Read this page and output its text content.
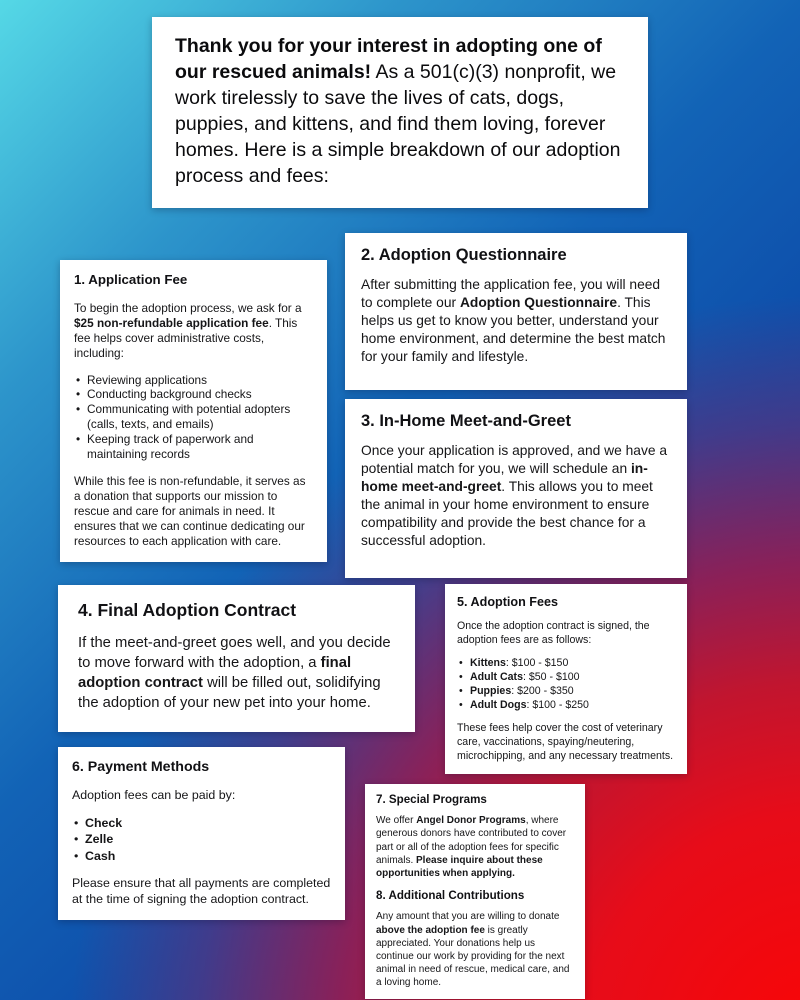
Thank you for your interest in adopting one of our rescued animals! As a 501(c)(3) nonprofit, we work tirelessly to save the lives of cats, dogs, puppies, and kittens, and find them loving, forever homes. Here is a simple breakdown of our adoption process and fees:

1. Application Fee

To begin the adoption process, we ask for a $25 non-refundable application fee. This fee helps cover administrative costs, including:

• Reviewing applications
• Conducting background checks
• Communicating with potential adopters (calls, texts, and emails)
• Keeping track of paperwork and maintaining records

While this fee is non-refundable, it serves as a donation that supports our mission to rescue and care for animals in need. It ensures that we can continue dedicating our resources to each application with care.

2. Adoption Questionnaire

After submitting the application fee, you will need to complete our Adoption Questionnaire. This helps us get to know you better, understand your home environment, and determine the best match for your family and lifestyle.

3. In-Home Meet-and-Greet

Once your application is approved, and we have a potential match for you, we will schedule an in-home meet-and-greet. This allows you to meet the animal in your home environment to ensure compatibility and provide the best chance for a successful adoption.

4. Final Adoption Contract

If the meet-and-greet goes well, and you decide to move forward with the adoption, a final adoption contract will be filled out, solidifying the adoption of your new pet into your home.

5. Adoption Fees

Once the adoption contract is signed, the adoption fees are as follows:

• Kittens: $100 - $150
• Adult Cats: $50 - $100
• Puppies: $200 - $350
• Adult Dogs: $100 - $250

These fees help cover the cost of veterinary care, vaccinations, spaying/neutering, microchipping, and any necessary treatments.

6. Payment Methods

Adoption fees can be paid by:

• Check
• Zelle
• Cash

Please ensure that all payments are completed at the time of signing the adoption contract.

7. Special Programs

We offer Angel Donor Programs, where generous donors have contributed to cover part or all of the adoption fees for specific animals. Please inquire about these opportunities when applying.

8. Additional Contributions

Any amount that you are willing to donate above the adoption fee is greatly appreciated. Your donations help us continue our work by providing for the next animal in need of rescue, medical care, and a loving home.
